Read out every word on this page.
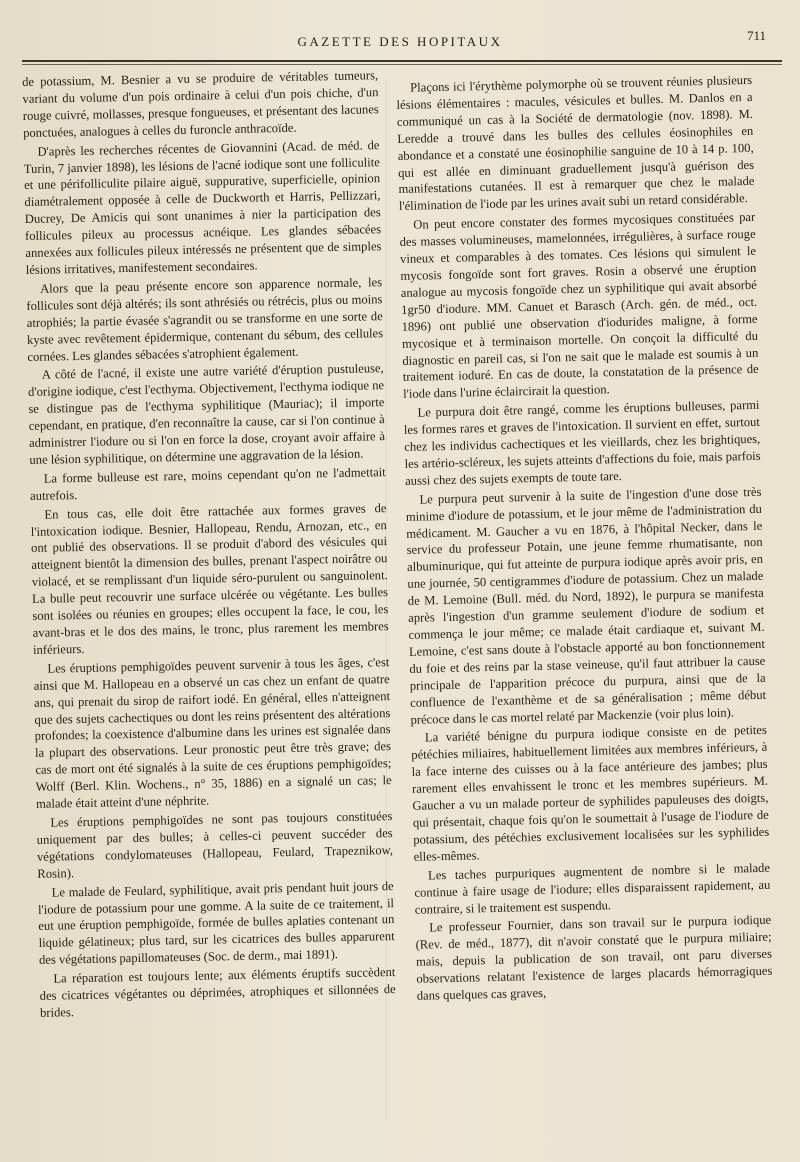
GAZETTE DES HOPITAUX	711

de potassium, M. Besnier a vu se produire de véritables tumeurs, variant du volume d'un pois ordinaire à celui d'un pois chiche, d'un rouge cuivré, mollasses, presque fongueuses, et présentant des lacunes ponctuées, analogues à celles du furoncle anthracoïde.

D'après les recherches récentes de Giovannini (Acad. de méd. de Turin, 7 janvier 1898), les lésions de l'acné iodique sont une folliculite et une périfolliculite pilaire aiguë, suppurative, superficielle, opinion diamétralement opposée à celle de Duckworth et Harris, Pellizzari, Ducrey, De Amicis qui sont unanimes à nier la participation des follicules pileux au processus acnéique. Les glandes sébacées annexées aux follicules pileux intéressés ne présentent que de simples lésions irritatives, manifestement secondaires.

Alors que la peau présente encore son apparence normale, les follicules sont déjà altérés; ils sont athrésiés ou rétrécis, plus ou moins atrophiés; la partie évasée s'agrandit ou se transforme en une sorte de kyste avec revêtement épidermique, contenant du sébum, des cellules cornées. Les glandes sébacées s'atrophient également.

A côté de l'acné, il existe une autre variété d'éruption pustuleuse, d'origine iodique, c'est l'ecthyma. Objectivement, l'ecthyma iodique ne se distingue pas de l'ecthyma syphilitique (Mauriac); il importe cependant, en pratique, d'en reconnaître la cause, car si l'on continue à administrer l'iodure ou si l'on en force la dose, croyant avoir affaire à une lésion syphilitique, on détermine une aggravation de la lésion.

La forme bulleuse est rare, moins cependant qu'on ne l'admettait autrefois.

En tous cas, elle doit être rattachée aux formes graves de l'intoxication iodique. Besnier, Hallopeau, Rendu, Arnozan, etc., en ont publié des observations. Il se produit d'abord des vésicules qui atteignent bientôt la dimension des bulles, prenant l'aspect noirâtre ou violacé, et se remplissant d'un liquide séro-purulent ou sanguinolent. La bulle peut recouvrir une surface ulcérée ou végétante. Les bulles sont isolées ou réunies en groupes; elles occupent la face, le cou, les avant-bras et le dos des mains, le tronc, plus rarement les membres inférieurs.

Les éruptions pemphigoïdes peuvent survenir à tous les âges, c'est ainsi que M. Hallopeau en a observé un cas chez un enfant de quatre ans, qui prenait du sirop de raifort iodé. En général, elles n'atteignent que des sujets cachectiques ou dont les reins présentent des altérations profondes; la coexistence d'albumine dans les urines est signalée dans la plupart des observations. Leur pronostic peut être très grave; des cas de mort ont été signalés à la suite de ces éruptions pemphigoïdes; Wolff (Berl. Klin. Wochens., n° 35, 1886) en a signalé un cas; le malade était atteint d'une néphrite.

Les éruptions pemphigoïdes ne sont pas toujours constituées uniquement par des bulles; à celles-ci peuvent succéder des végétations condylomateuses (Hallopeau, Feulard, Trapeznikow, Rosin).

Le malade de Feulard, syphilitique, avait pris pendant huit jours de l'iodure de potassium pour une gomme. A la suite de ce traitement, il eut une éruption pemphigoïde, formée de bulles aplaties contenant un liquide gélatineux; plus tard, sur les cicatrices des bulles apparurent des végétations papillomateuses (Soc. de derm., mai 1891).

La réparation est toujours lente; aux éléments éruptifs succèdent des cicatrices végétantes ou déprimées, atrophiques et sillonnées de brides.

Plaçons ici l'érythème polymorphe où se trouvent réunies plusieurs lésions élémentaires : macules, vésicules et bulles. M. Danlos en a communiqué un cas à la Société de dermatologie (nov. 1898). M. Leredde a trouvé dans les bulles des cellules éosinophiles en abondance et a constaté une éosinophilie sanguine de 10 à 14 p. 100, qui est allée en diminuant graduellement jusqu'à guérison des manifestations cutanées. Il est à remarquer que chez le malade l'élimination de l'iode par les urines avait subi un retard considérable.

On peut encore constater des formes mycosiques constituées par des masses volumineuses, mamelonnées, irrégulières, à surface rouge vineux et comparables à des tomates. Ces lésions qui simulent le mycosis fongoïde sont fort graves. Rosin a observé une éruption analogue au mycosis fongoïde chez un syphilitique qui avait absorbé 1gr50 d'iodure. MM. Canuet et Barasch (Arch. gén. de méd., oct. 1896) ont publié une observation d'iodurides maligne, à forme mycosique et à terminaison mortelle. On conçoit la difficulté du diagnostic en pareil cas, si l'on ne sait que le malade est soumis à un traitement ioduré. En cas de doute, la constatation de la présence de l'iode dans l'urine éclaircirait la question.

Le purpura doit être rangé, comme les éruptions bulleuses, parmi les formes rares et graves de l'intoxication. Il survient en effet, surtout chez les individus cachectiques et les vieillards, chez les brightiques, les artério-scléreux, les sujets atteints d'affections du foie, mais parfois aussi chez des sujets exempts de toute tare.

Le purpura peut survenir à la suite de l'ingestion d'une dose très minime d'iodure de potassium, et le jour même de l'administration du médicament. M. Gaucher a vu en 1876, à l'hôpital Necker, dans le service du professeur Potain, une jeune femme rhumatisante, non albuminurique, qui fut atteinte de purpura iodique après avoir pris, en une journée, 50 centigrammes d'iodure de potassium. Chez un malade de M. Lemoine (Bull. méd. du Nord, 1892), le purpura se manifesta après l'ingestion d'un gramme seulement d'iodure de sodium et commença le jour même; ce malade était cardiaque et, suivant M. Lemoine, c'est sans doute à l'obstacle apporté au bon fonctionnement du foie et des reins par la stase veineuse, qu'il faut attribuer la cause principale de l'apparition précoce du purpura, ainsi que de la confluence de l'exanthème et de sa généralisation ; même début précoce dans le cas mortel relaté par Mackenzie (voir plus loin).

La variété bénigne du purpura iodique consiste en de petites pétéchies miliaires, habituellement limitées aux membres inférieurs, à la face interne des cuisses ou à la face antérieure des jambes; plus rarement elles envahissent le tronc et les membres supérieurs. M. Gaucher a vu un malade porteur de syphilides papuleuses des doigts, qui présentait, chaque fois qu'on le soumettait à l'usage de l'iodure de potassium, des pétéchies exclusivement localisées sur les syphilides elles-mêmes.

Les taches purpuriques augmentent de nombre si le malade continue à faire usage de l'iodure; elles disparaissent rapidement, au contraire, si le traitement est suspendu.

Le professeur Fournier, dans son travail sur le purpura iodique (Rev. de méd., 1877), dit n'avoir constaté que le purpura miliaire; mais, depuis la publication de son travail, ont paru diverses observations relatant l'existence de larges placards hémorragiques dans quelques cas graves,
